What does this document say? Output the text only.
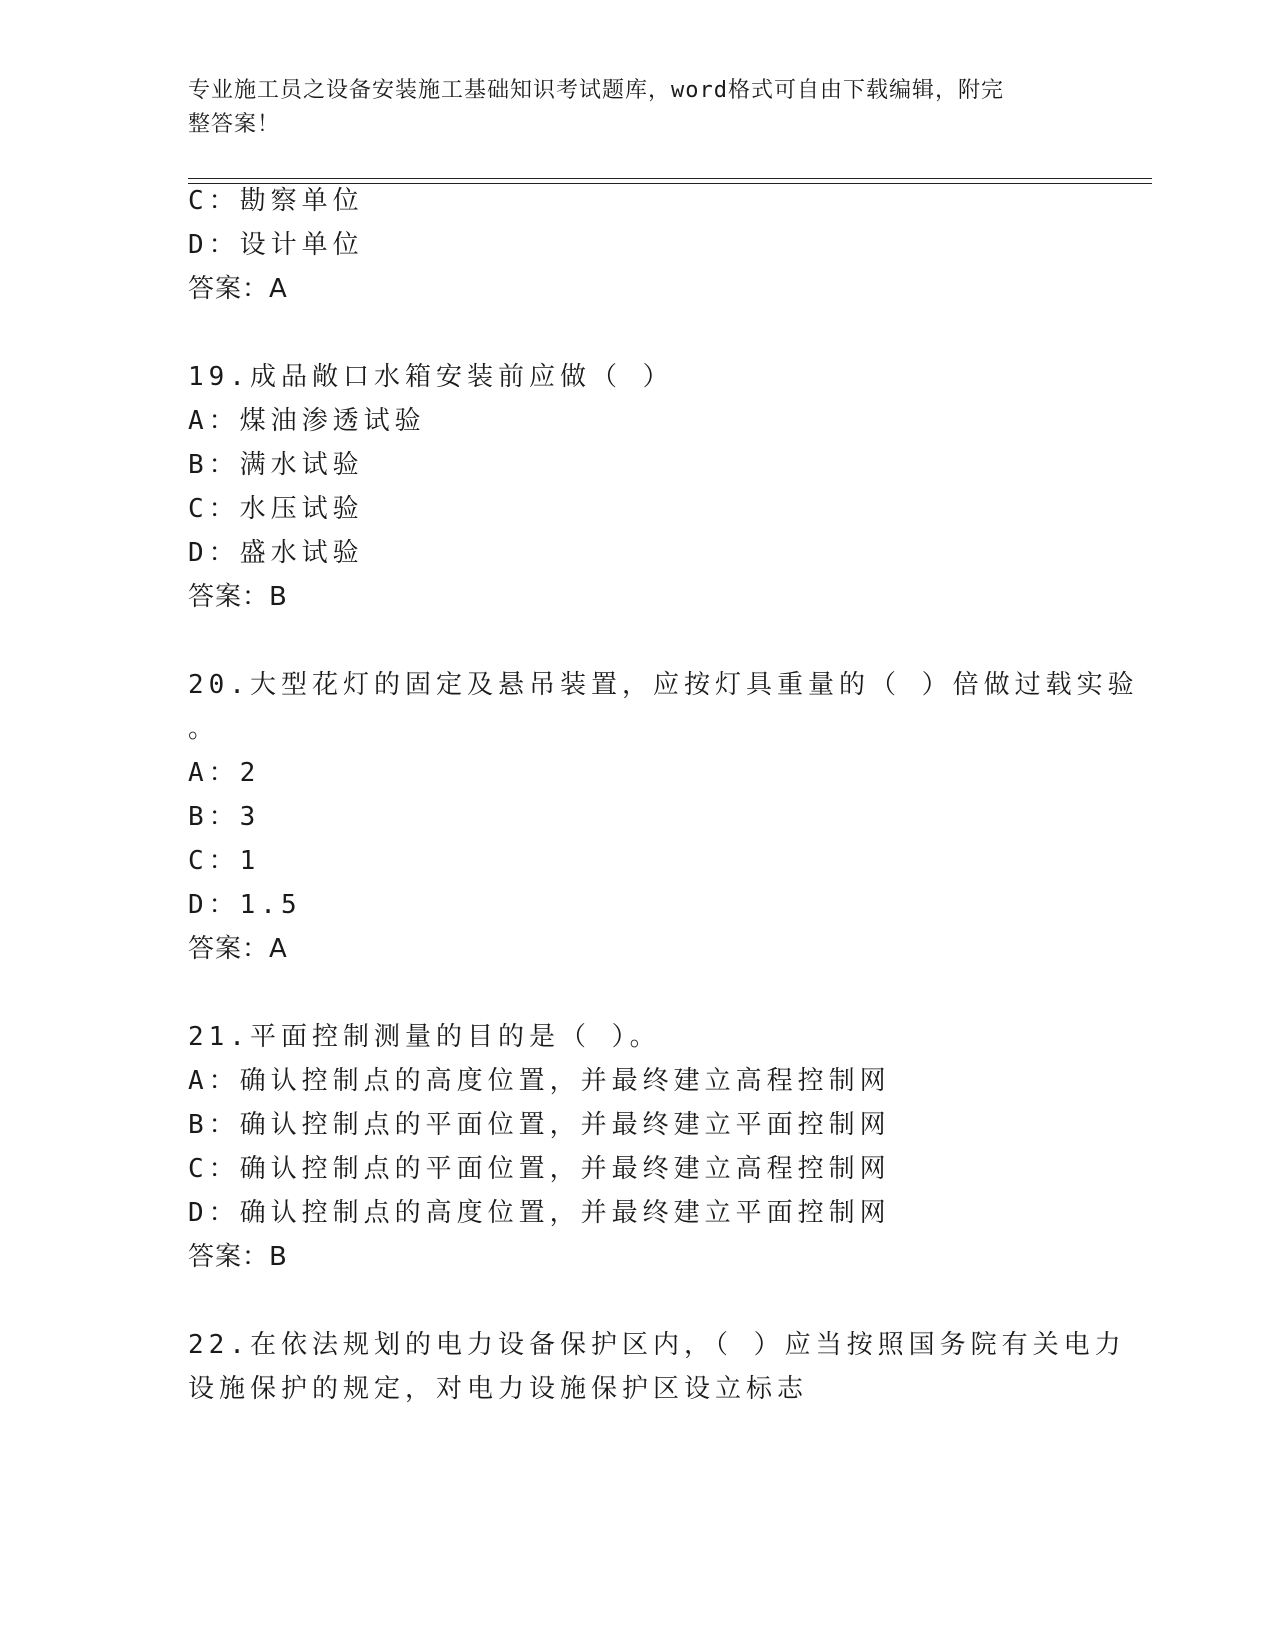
专业施工员之设备安装施工基础知识考试题库，word格式可自由下载编辑，附完
整答案！
C：勘察单位
D：设计单位
答案：A
19.成品敞口水箱安装前应做（ ）
A：煤油渗透试验
B：满水试验
C：水压试验
D：盛水试验
答案：B
20.大型花灯的固定及悬吊装置，应按灯具重量的（ ）倍做过载实验
。
A：2
B：3
C：1
D：1.5
答案：A
21.平面控制测量的目的是（ ）。
A：确认控制点的高度位置，并最终建立高程控制网
B：确认控制点的平面位置，并最终建立平面控制网
C：确认控制点的平面位置，并最终建立高程控制网
D：确认控制点的高度位置，并最终建立平面控制网
答案：B
22.在依法规划的电力设备保护区内，（ ）应当按照国务院有关电力
设施保护的规定，对电力设施保护区设立标志
